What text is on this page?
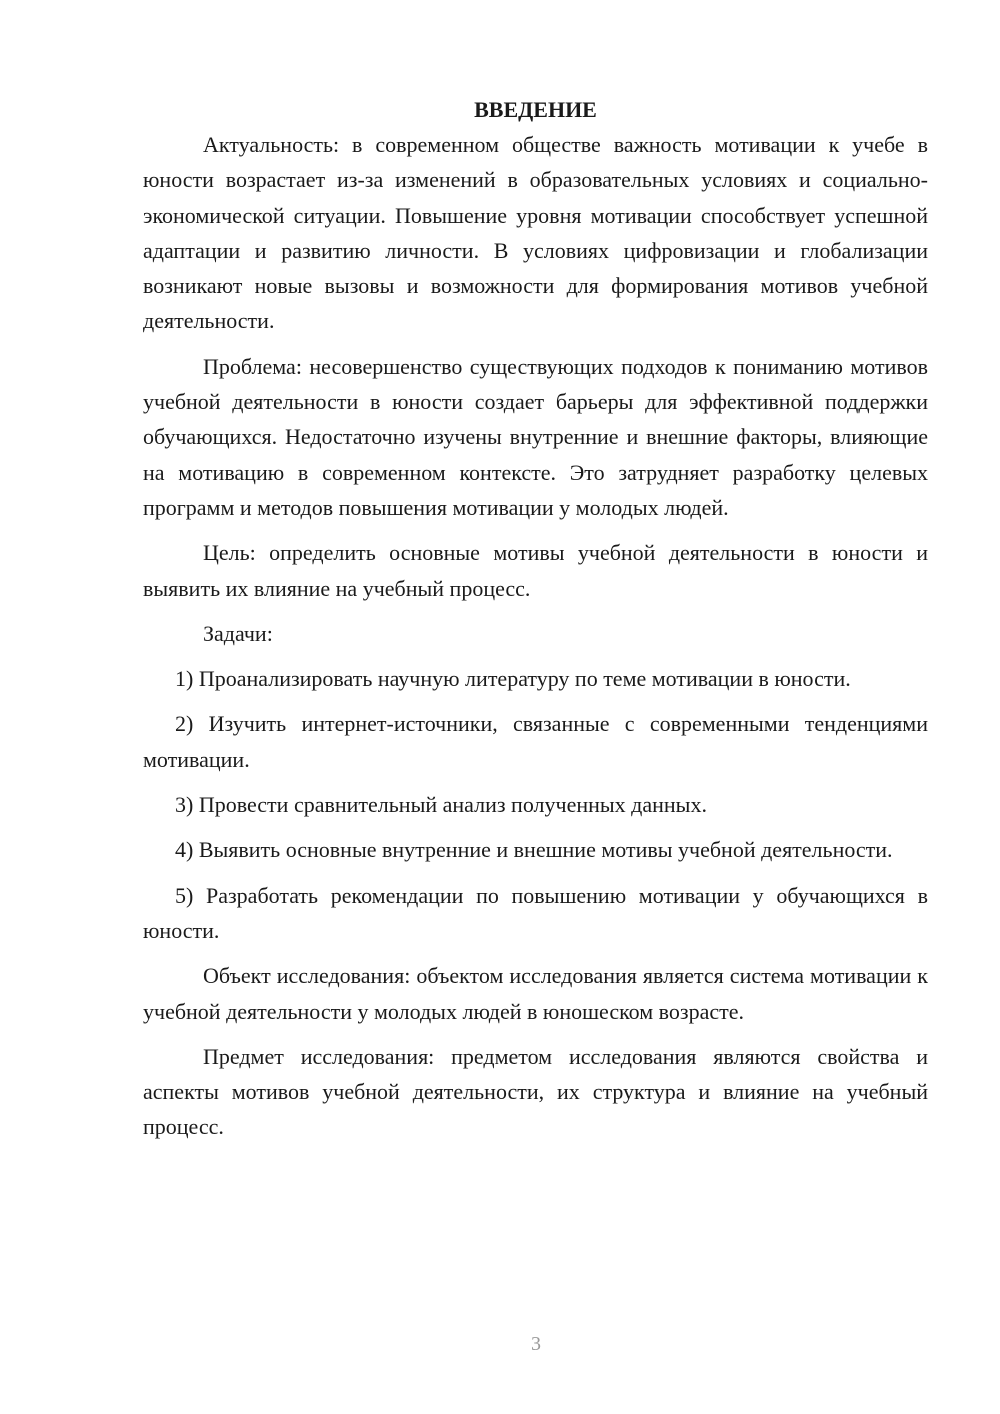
ВВЕДЕНИЕ

Актуальность: в современном обществе важность мотивации к учебе в юности возрастает из-за изменений в образовательных условиях и социально-экономической ситуации. Повышение уровня мотивации способствует успешной адаптации и развитию личности. В условиях цифровизации и глобализации возникают новые вызовы и возможности для формирования мотивов учебной деятельности.

Проблема: несовершенство существующих подходов к пониманию мотивов учебной деятельности в юности создает барьеры для эффективной поддержки обучающихся. Недостаточно изучены внутренние и внешние факторы, влияющие на мотивацию в современном контексте. Это затрудняет разработку целевых программ и методов повышения мотивации у молодых людей.

Цель: определить основные мотивы учебной деятельности в юности и выявить их влияние на учебный процесс.

Задачи:

1) Проанализировать научную литературу по теме мотивации в юности.

2) Изучить интернет-источники, связанные с современными тенденциями мотивации.

3) Провести сравнительный анализ полученных данных.

4) Выявить основные внутренние и внешние мотивы учебной деятельности.

5) Разработать рекомендации по повышению мотивации у обучающихся в юности.

Объект исследования: объектом исследования является система мотивации к учебной деятельности у молодых людей в юношеском возрасте.

Предмет исследования: предметом исследования являются свойства и аспекты мотивов учебной деятельности, их структура и влияние на учебный процесс.

3
